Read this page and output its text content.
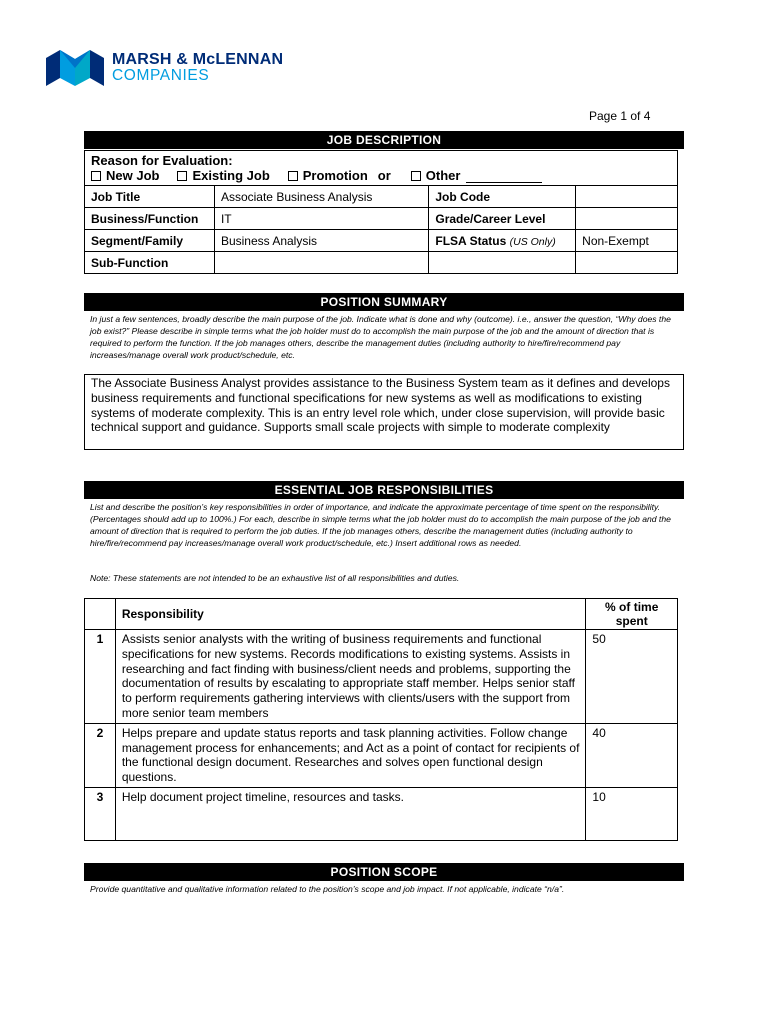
MARSH & McLENNAN
COMPANIES
Page 1 of 4
JOB DESCRIPTION
Reason for Evaluation:
New Job	Existing Job	Promotion or	Other
Job Title	Associate Business Analysis	Job Code	
Business/Function	IT	Grade/Career Level	
Segment/Family	Business Analysis	FLSA Status (US Only)	Non-Exempt
Sub-Function			
POSITION SUMMARY
In just a few sentences, broadly describe the main purpose of the job. Indicate what is done and why (outcome). i.e., answer the question, “Why does the job exist?” Please describe in simple terms what the job holder must do to accomplish the main purpose of the job and the amount of direction that is required to perform the function. If the job manages others, describe the management duties (including authority to hire/fire/recommend pay increases/manage overall work product/schedule, etc.
The Associate Business Analyst provides assistance to the Business System team as it defines and develops business requirements and functional specifications for new systems as well as modifications to existing systems of moderate complexity. This is an entry level role which, under close supervision, will provide basic technical support and guidance. Supports small scale projects with simple to moderate complexity
ESSENTIAL JOB RESPONSIBILITIES
List and describe the position’s key responsibilities in order of importance, and indicate the approximate percentage of time spent on the responsibility. (Percentages should add up to 100%.) For each, describe in simple terms what the job holder must do to accomplish the main purpose of the job and the amount of direction that is required to perform the job duties. If the job manages others, describe the management duties (including authority to hire/fire/recommend pay increases/manage overall work product/schedule, etc.) Insert additional rows as needed.
Note: These statements are not intended to be an exhaustive list of all responsibilities and duties.
	Responsibility	% of time spent
1	Assists senior analysts with the writing of business requirements and functional specifications for new systems. Records modifications to existing systems. Assists in researching and fact finding with business/client needs and problems, supporting the documentation of results by escalating to appropriate staff member. Helps senior staff to perform requirements gathering interviews with clients/users with the support from more senior team members	50
2	Helps prepare and update status reports and task planning activities. Follow change management process for enhancements; and Act as a point of contact for recipients of the functional design document. Researches and solves open functional design questions.	40
3	Help document project timeline, resources and tasks.	10
POSITION SCOPE
Provide quantitative and qualitative information related to the position’s scope and job impact. If not applicable, indicate “n/a”.
